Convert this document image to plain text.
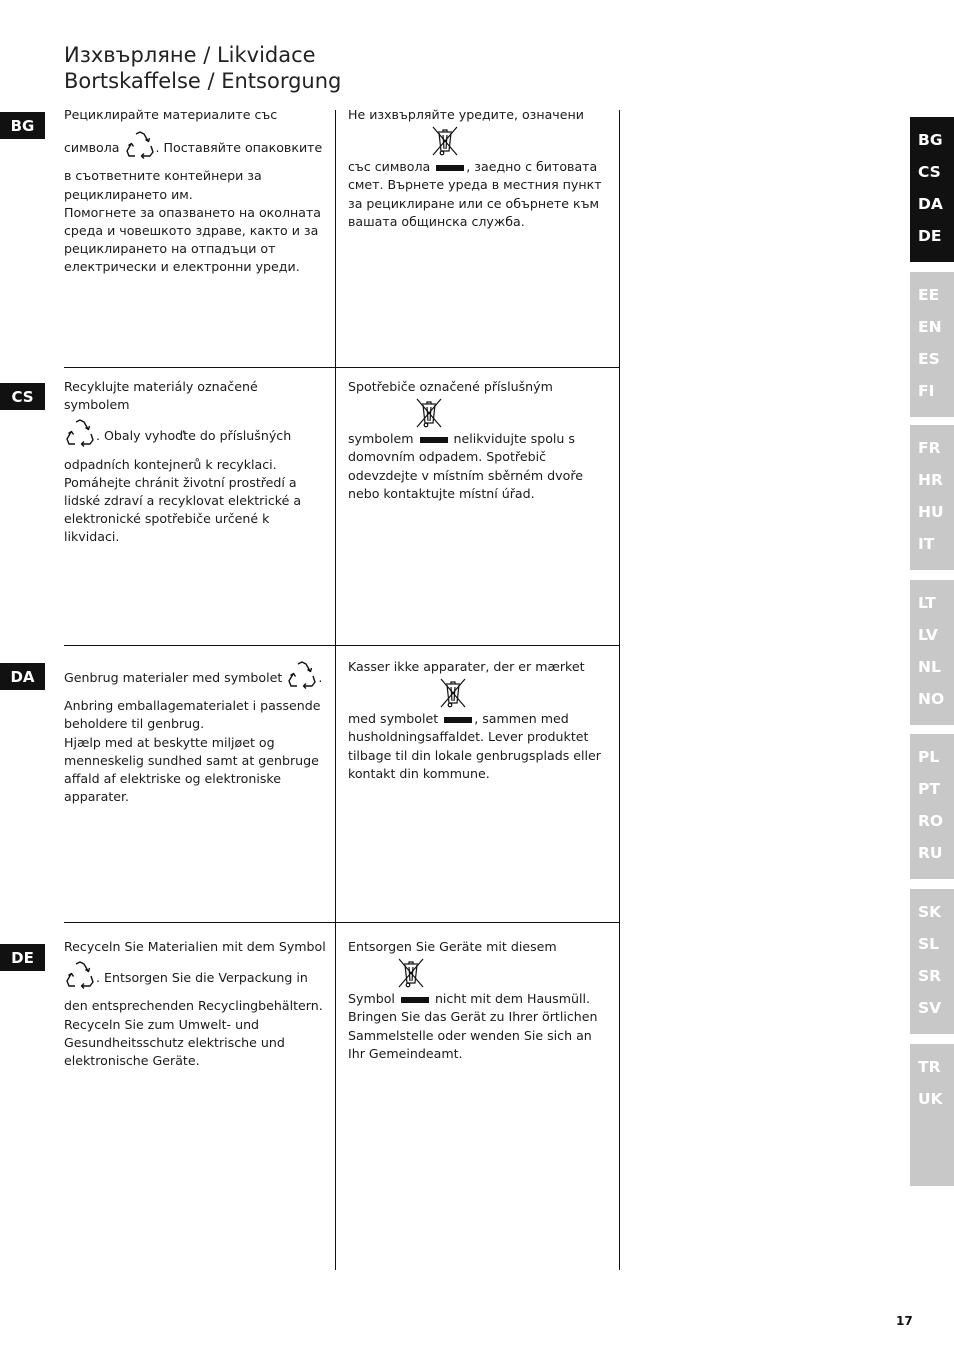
Изхвърляне / Likvidace
Bortskaffelse / Entsorgung
BG
CS
DA
DE

Рециклирайте материалите със

символа	. Поставяйте опаковките в съответните контейнери за рециклирането им.

Помогнете за опазването на околната среда и човешкото здраве, както и за рециклирането на отпадъци от електрически и електронни уреди.

Не изхвърляйте уредите, означени

със символа	, заедно с битовата смет. Върнете уреда в местния пункт за рециклиране или се обърнете към вашата общинска служба.

Recyklujte materiály označené symbolem

. Obaly vyhoďte do příslušných odpadních kontejnerů k recyklaci. Pomáhejte chránit životní prostředí a lidské zdraví a recyklovat elektrické a elektronické spotřebiče určené k likvidaci.

Spotřebiče označené příslušným

symbolem	nelikvidujte spolu s domovním odpadem. Spotřebič odevzdejte v místním sběrném dvoře nebo kontaktujte místní úřad.

Genbrug materialer med symbolet	. Anbring emballagematerialet i passende beholdere til genbrug.

Hjælp med at beskytte miljøet og menneskelig sundhed samt at genbruge affald af elektriske og elektroniske apparater.

Kasser ikke apparater, der er mærket

med symbolet	, sammen med husholdningsaffaldet. Lever produktet tilbage til din lokale genbrugsplads eller kontakt din kommune.

Recyceln Sie Materialien mit dem Symbol

. Entsorgen Sie die Verpackung in den entsprechenden Recyclingbehältern. Recyceln Sie zum Umwelt- und Gesundheitsschutz elektrische und elektronische Geräte.

Entsorgen Sie Geräte mit diesem

Symbol	nicht mit dem Hausmüll. Bringen Sie das Gerät zu Ihrer örtlichen Sammelstelle oder wenden Sie sich an Ihr Gemeindeamt.

BG
CS
DA
DE
EE
EN
ES
FI
FR
HR
HU
IT
LT
LV
NL
NO
PL
PT
RO
RU
SK
SL
SR
SV
TR
UK
17
